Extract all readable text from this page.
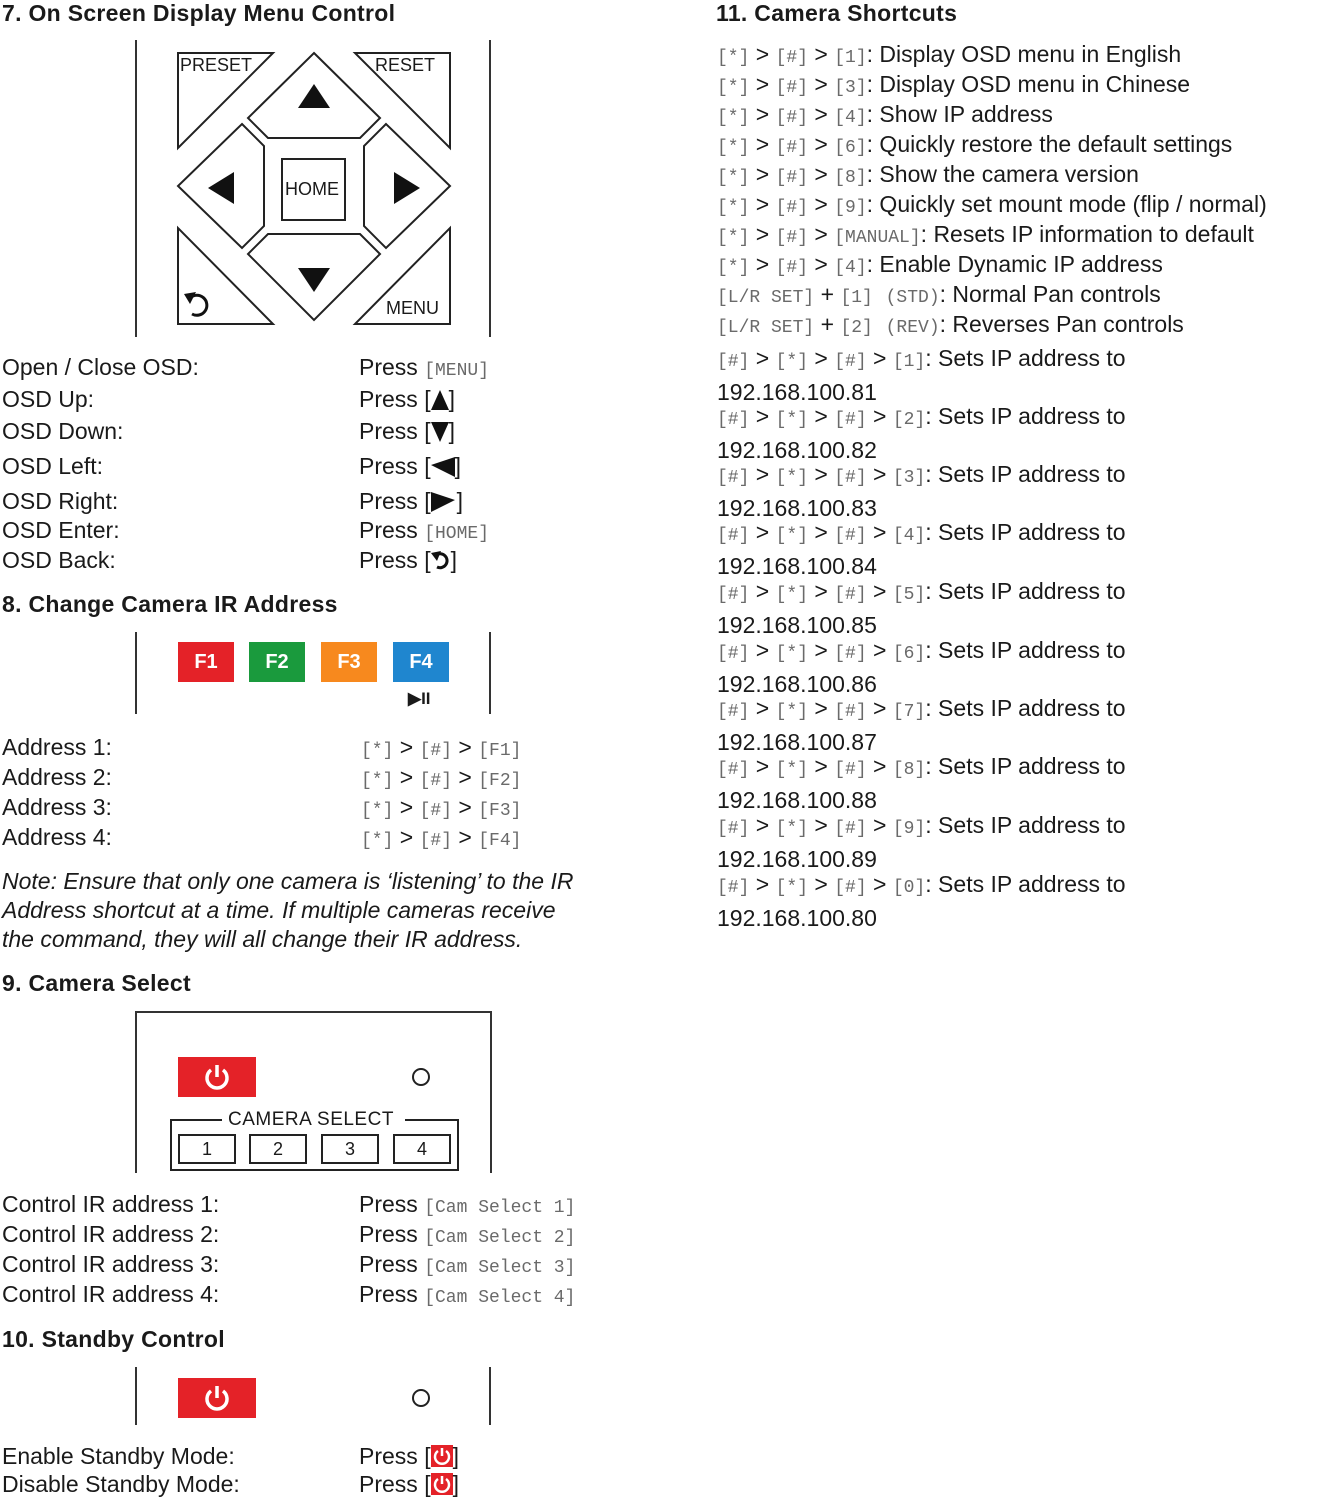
7. On Screen Display Menu Control
PRESET	RESET
HOME
MENU
Open / Close OSD:	Press [MENU]
OSD Up:	Press [ ]
OSD Down:	Press [ ]
OSD Left:	Press [ ]
OSD Right:	Press [ ]
OSD Enter:	Press [HOME]
OSD Back:	Press [ ]
8. Change Camera IR Address
F1	F2	F3	F4
▶II
Address 1:	[*] > [#] > [F1]
Address 2:	[*] > [#] > [F2]
Address 3:	[*] > [#] > [F3]
Address 4:	[*] > [#] > [F4]
Note: Ensure that only one camera is ‘listening’ to the IR
Address shortcut at a time. If multiple cameras receive
the command, they will all change their IR address.
9. Camera Select
CAMERA SELECT
1	2	3	4
Control IR address 1:	Press [Cam Select 1]
Control IR address 2:	Press [Cam Select 2]
Control IR address 3:	Press [Cam Select 3]
Control IR address 4:	Press [Cam Select 4]
10. Standby Control
Enable Standby Mode:	Press [ ]
Disable Standby Mode:	Press [ ]
11. Camera Shortcuts
[*] > [#] > [1]: Display OSD menu in English
[*] > [#] > [3]: Display OSD menu in Chinese
[*] > [#] > [4]: Show IP address
[*] > [#] > [6]: Quickly restore the default settings
[*] > [#] > [8]: Show the camera version
[*] > [#] > [9]: Quickly set mount mode (flip / normal)
[*] > [#] > [MANUAL]: Resets IP information to default
[*] > [#] > [4]: Enable Dynamic IP address
[L/R SET] + [1] (STD): Normal Pan controls
[L/R SET] + [2] (REV): Reverses Pan controls
[#] > [*] > [#] > [1]: Sets IP address to
192.168.100.81
[#] > [*] > [#] > [2]: Sets IP address to
192.168.100.82
[#] > [*] > [#] > [3]: Sets IP address to
192.168.100.83
[#] > [*] > [#] > [4]: Sets IP address to
192.168.100.84
[#] > [*] > [#] > [5]: Sets IP address to
192.168.100.85
[#] > [*] > [#] > [6]: Sets IP address to
192.168.100.86
[#] > [*] > [#] > [7]: Sets IP address to
192.168.100.87
[#] > [*] > [#] > [8]: Sets IP address to
192.168.100.88
[#] > [*] > [#] > [9]: Sets IP address to
192.168.100.89
[#] > [*] > [#] > [0]: Sets IP address to
192.168.100.80
